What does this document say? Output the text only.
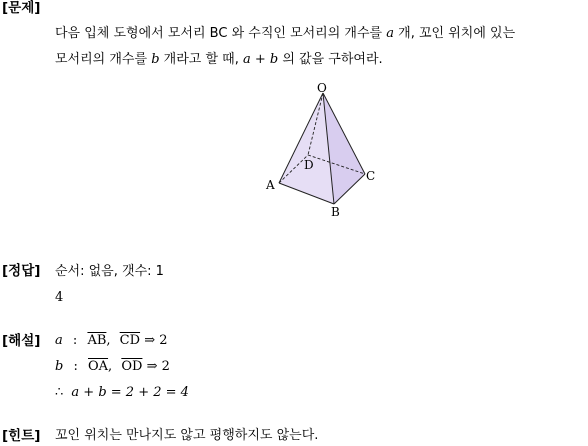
[문제]
다음 입체 도형에서 모서리 BC 와 수직인 모서리의 개수를 a 개, 꼬인 위치에 있는
모서리의 개수를 b 개라고 할 때, a + b 의 값을 구하여라.
O
D
A
C
B
[정답] 순서: 없음, 갯수: 1
4
[해설] a : $\overline{AB}$, $\overline{CD}$ ⇒ 2
b : $\overline{OA}$, $\overline{OD}$ ⇒ 2
∴ a + b = 2 + 2 = 4
[힌트] 꼬인 위치는 만나지도 않고 평행하지도 않는다.
